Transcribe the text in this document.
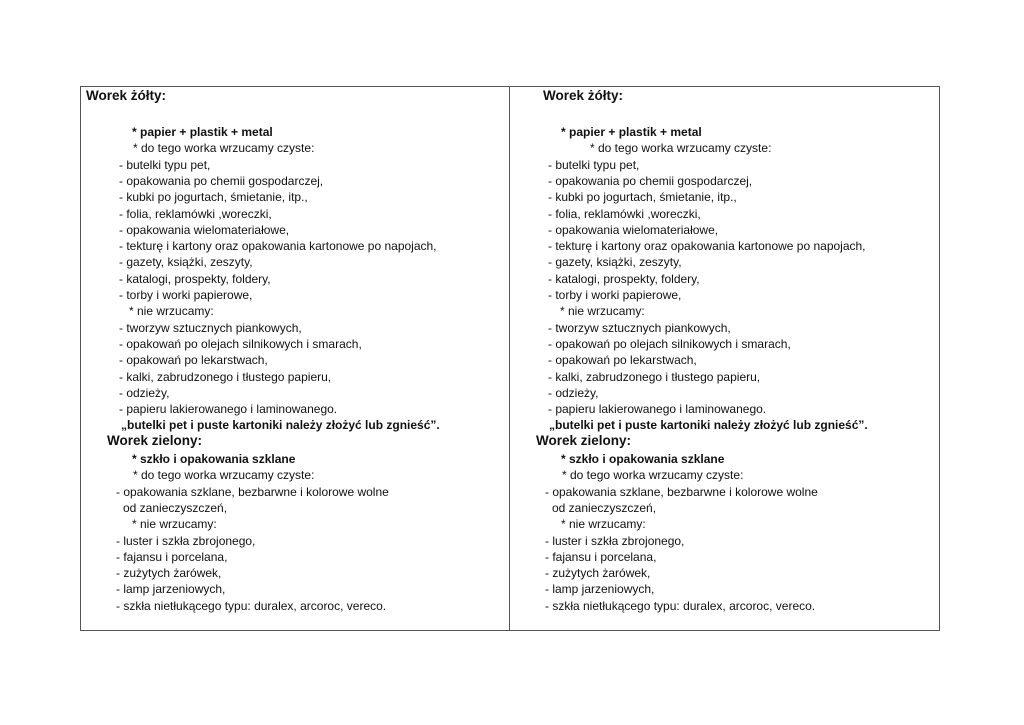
Worek żółty:
* papier + plastik + metal
* do tego worka wrzucamy czyste:
- butelki typu pet,
- opakowania po chemii gospodarczej,
- kubki po jogurtach, śmietanie, itp.,
- folia, reklamówki ,woreczki,
- opakowania wielomateriałowe,
- tekturę i kartony oraz opakowania kartonowe po napojach,
- gazety, książki, zeszyty,
- katalogi, prospekty, foldery,
- torby i worki papierowe,
* nie wrzucamy:
- tworzyw sztucznych piankowych,
- opakowań po olejach silnikowych i smarach,
- opakowań po lekarstwach,
- kalki, zabrudzonego i tłustego papieru,
- odzieży,
- papieru lakierowanego i laminowanego.
„butelki pet i puste kartoniki należy złożyć lub zgnieść”.
Worek zielony:
* szkło i opakowania szklane
* do tego worka wrzucamy czyste:
- opakowania szklane, bezbarwne i kolorowe wolne
od zanieczyszczeń,
* nie wrzucamy:
- luster i szkła zbrojonego,
- fajansu i porcelana,
- zużytych żarówek,
- lamp jarzeniowych,
- szkła nietłukącego typu: duralex, arcoroc, vereco.
Worek żółty:
* papier + plastik + metal
* do tego worka wrzucamy czyste:
- butelki typu pet,
- opakowania po chemii gospodarczej,
- kubki po jogurtach, śmietanie, itp.,
- folia, reklamówki ,woreczki,
- opakowania wielomateriałowe,
- tekturę i kartony oraz opakowania kartonowe po napojach,
- gazety, książki, zeszyty,
- katalogi, prospekty, foldery,
- torby i worki papierowe,
* nie wrzucamy:
- tworzyw sztucznych piankowych,
- opakowań po olejach silnikowych i smarach,
- opakowań po lekarstwach,
- kalki, zabrudzonego i tłustego papieru,
- odzieży,
- papieru lakierowanego i laminowanego.
„butelki pet i puste kartoniki należy złożyć lub zgnieść”.
Worek zielony:
* szkło i opakowania szklane
* do tego worka wrzucamy czyste:
- opakowania szklane, bezbarwne i kolorowe wolne
od zanieczyszczeń,
* nie wrzucamy:
- luster i szkła zbrojonego,
- fajansu i porcelana,
- zużytych żarówek,
- lamp jarzeniowych,
- szkła nietłukącego typu: duralex, arcoroc, vereco.
